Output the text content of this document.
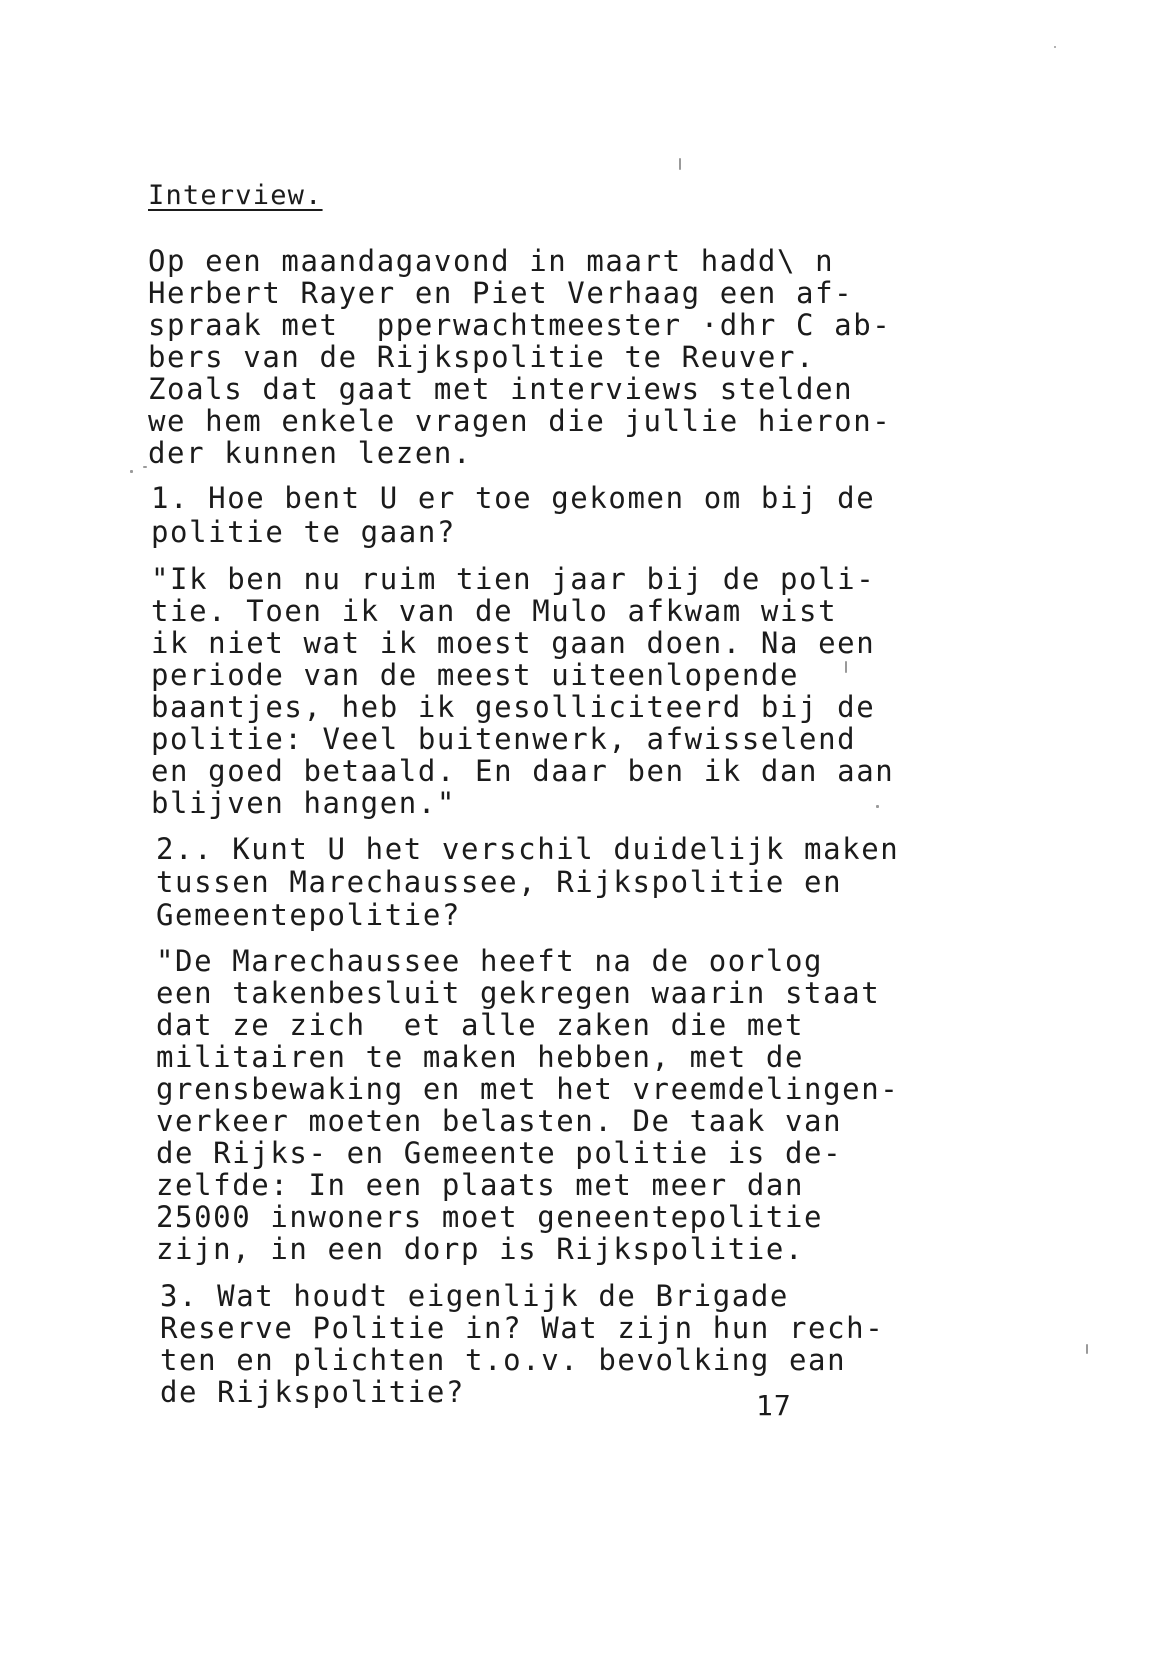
Interview.
Op een maandagavond in maart hadd\ n
Herbert Rayer en Piet Verhaag een af-
spraak met  pperwachtmeester ·dhr C ab-
bers van de Rijkspolitie te Reuver.
Zoals dat gaat met interviews stelden
we hem enkele vragen die jullie hieron-
der kunnen lezen.
1. Hoe bent U er toe gekomen om bij de
politie te gaan?
"Ik ben nu ruim tien jaar bij de poli-
tie. Toen ik van de Mulo afkwam wist
ik niet wat ik moest gaan doen. Na een
periode van de meest uiteenlopende
baantjes, heb ik gesolliciteerd bij de
politie: Veel buitenwerk, afwisselend
en goed betaald. En daar ben ik dan aan
blijven hangen."
2.. Kunt U het verschil duidelijk maken
tussen Marechaussee, Rijkspolitie en
Gemeentepolitie?
"De Marechaussee heeft na de oorlog
een takenbesluit gekregen waarin staat
dat ze zich  et alle zaken die met
militairen te maken hebben, met de
grensbewaking en met het vreemdelingen-
verkeer moeten belasten. De taak van
de Rijks- en Gemeente politie is de-
zelfde: In een plaats met meer dan
25000 inwoners moet geneentepolitie
zijn, in een dorp is Rijkspolitie.
3. Wat houdt eigenlijk de Brigade
Reserve Politie in? Wat zijn hun rech-
ten en plichten t.o.v. bevolking ean
de Rijkspolitie?	17
